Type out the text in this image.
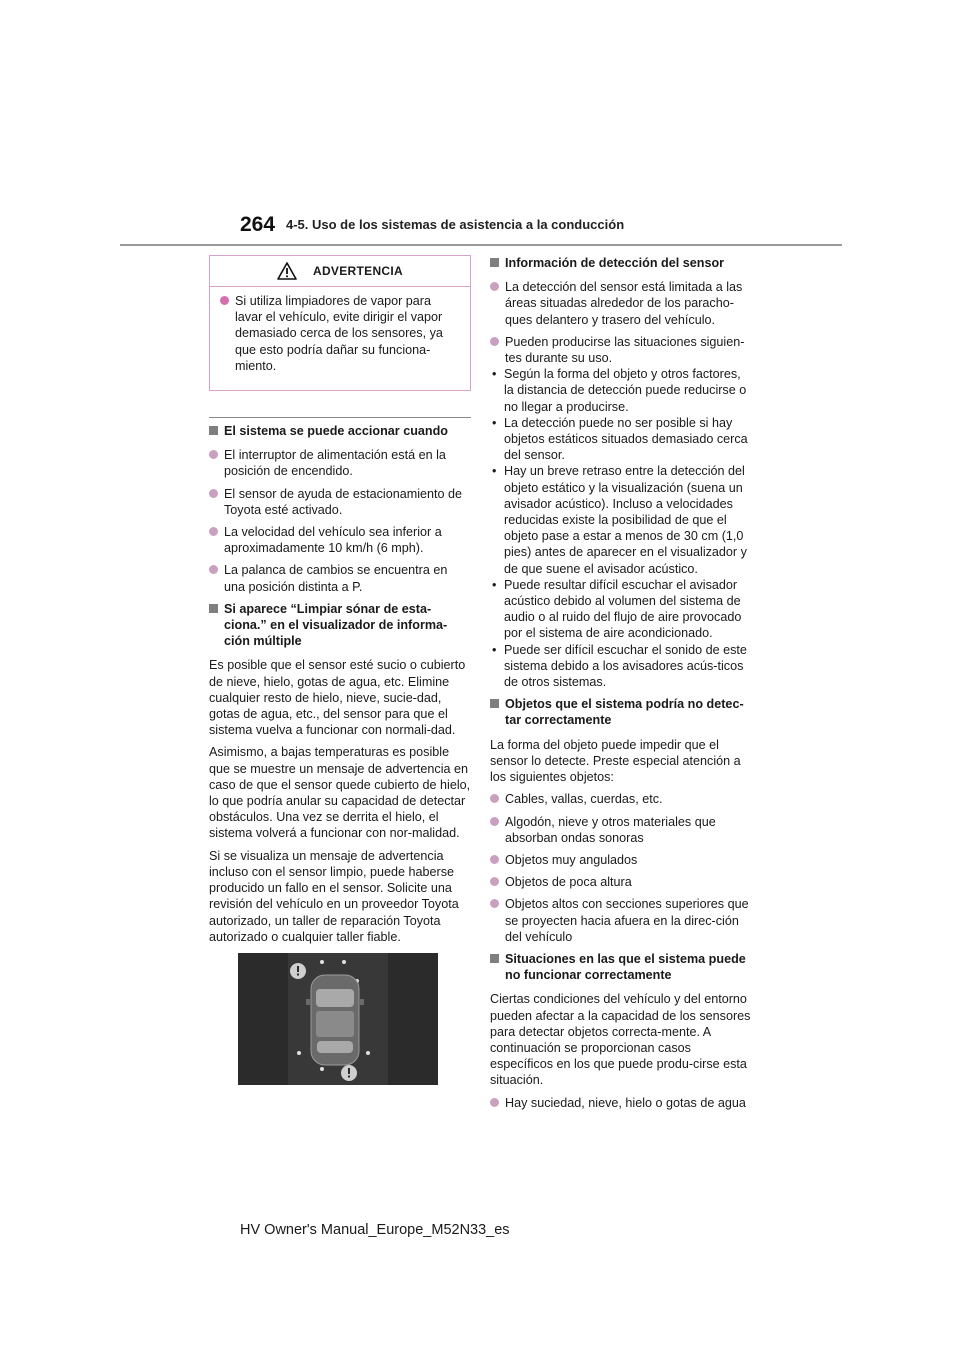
264 4-5. Uso de los sistemas de asistencia a la conducción
ADVERTENCIA
Si utiliza limpiadores de vapor para lavar el vehículo, evite dirigir el vapor demasiado cerca de los sensores, ya que esto podría dañar su funciona-miento.
El sistema se puede accionar cuando
El interruptor de alimentación está en la posición de encendido.
El sensor de ayuda de estacionamiento de Toyota esté activado.
La velocidad del vehículo sea inferior a aproximadamente 10 km/h (6 mph).
La palanca de cambios se encuentra en una posición distinta a P.
Si aparece “Limpiar sónar de esta-ciona.” en el visualizador de informa-ción múltiple

Es posible que el sensor esté sucio o cubierto de nieve, hielo, gotas de agua, etc. Elimine cualquier resto de hielo, nieve, sucie-dad, gotas de agua, etc., del sensor para que el sistema vuelva a funcionar con normali-dad.

Asimismo, a bajas temperaturas es posible que se muestre un mensaje de advertencia en caso de que el sensor quede cubierto de hielo, lo que podría anular su capacidad de detectar obstáculos. Una vez se derrita el hielo, el sistema volverá a funcionar con nor-malidad.

Si se visualiza un mensaje de advertencia incluso con el sensor limpio, puede haberse producido un fallo en el sensor. Solicite una revisión del vehículo en un proveedor Toyota autorizado, un taller de reparación Toyota autorizado o cualquier taller fiable.

Información de detección del sensor
La detección del sensor está limitada a las áreas situadas alrededor de los paracho-ques delantero y trasero del vehículo.
Pueden producirse las situaciones siguien-tes durante su uso.
• Según la forma del objeto y otros factores, la distancia de detección puede reducirse o no llegar a producirse.
• La detección puede no ser posible si hay objetos estáticos situados demasiado cerca del sensor.
• Hay un breve retraso entre la detección del objeto estático y la visualización (suena un avisador acústico). Incluso a velocidades reducidas existe la posibilidad de que el objeto pase a estar a menos de 30 cm (1,0 pies) antes de aparecer en el visualizador y de que suene el avisador acústico.
• Puede resultar difícil escuchar el avisador acústico debido al volumen del sistema de audio o al ruido del flujo de aire provocado por el sistema de aire acondicionado.
• Puede ser difícil escuchar el sonido de este sistema debido a los avisadores acús-ticos de otros sistemas.
Objetos que el sistema podría no detec-tar correctamente

La forma del objeto puede impedir que el sensor lo detecte. Preste especial atención a los siguientes objetos:

Cables, vallas, cuerdas, etc.
Algodón, nieve y otros materiales que absorban ondas sonoras
Objetos muy angulados
Objetos de poca altura
Objetos altos con secciones superiores que se proyecten hacia afuera en la direc-ción del vehículo
Situaciones en las que el sistema puede no funcionar correctamente

Ciertas condiciones del vehículo y del entorno pueden afectar a la capacidad de los sensores para detectar objetos correcta-mente. A continuación se proporcionan casos específicos en los que puede produ-cirse esta situación.

Hay suciedad, nieve, hielo o gotas de agua
HV Owner's Manual_Europe_M52N33_es
